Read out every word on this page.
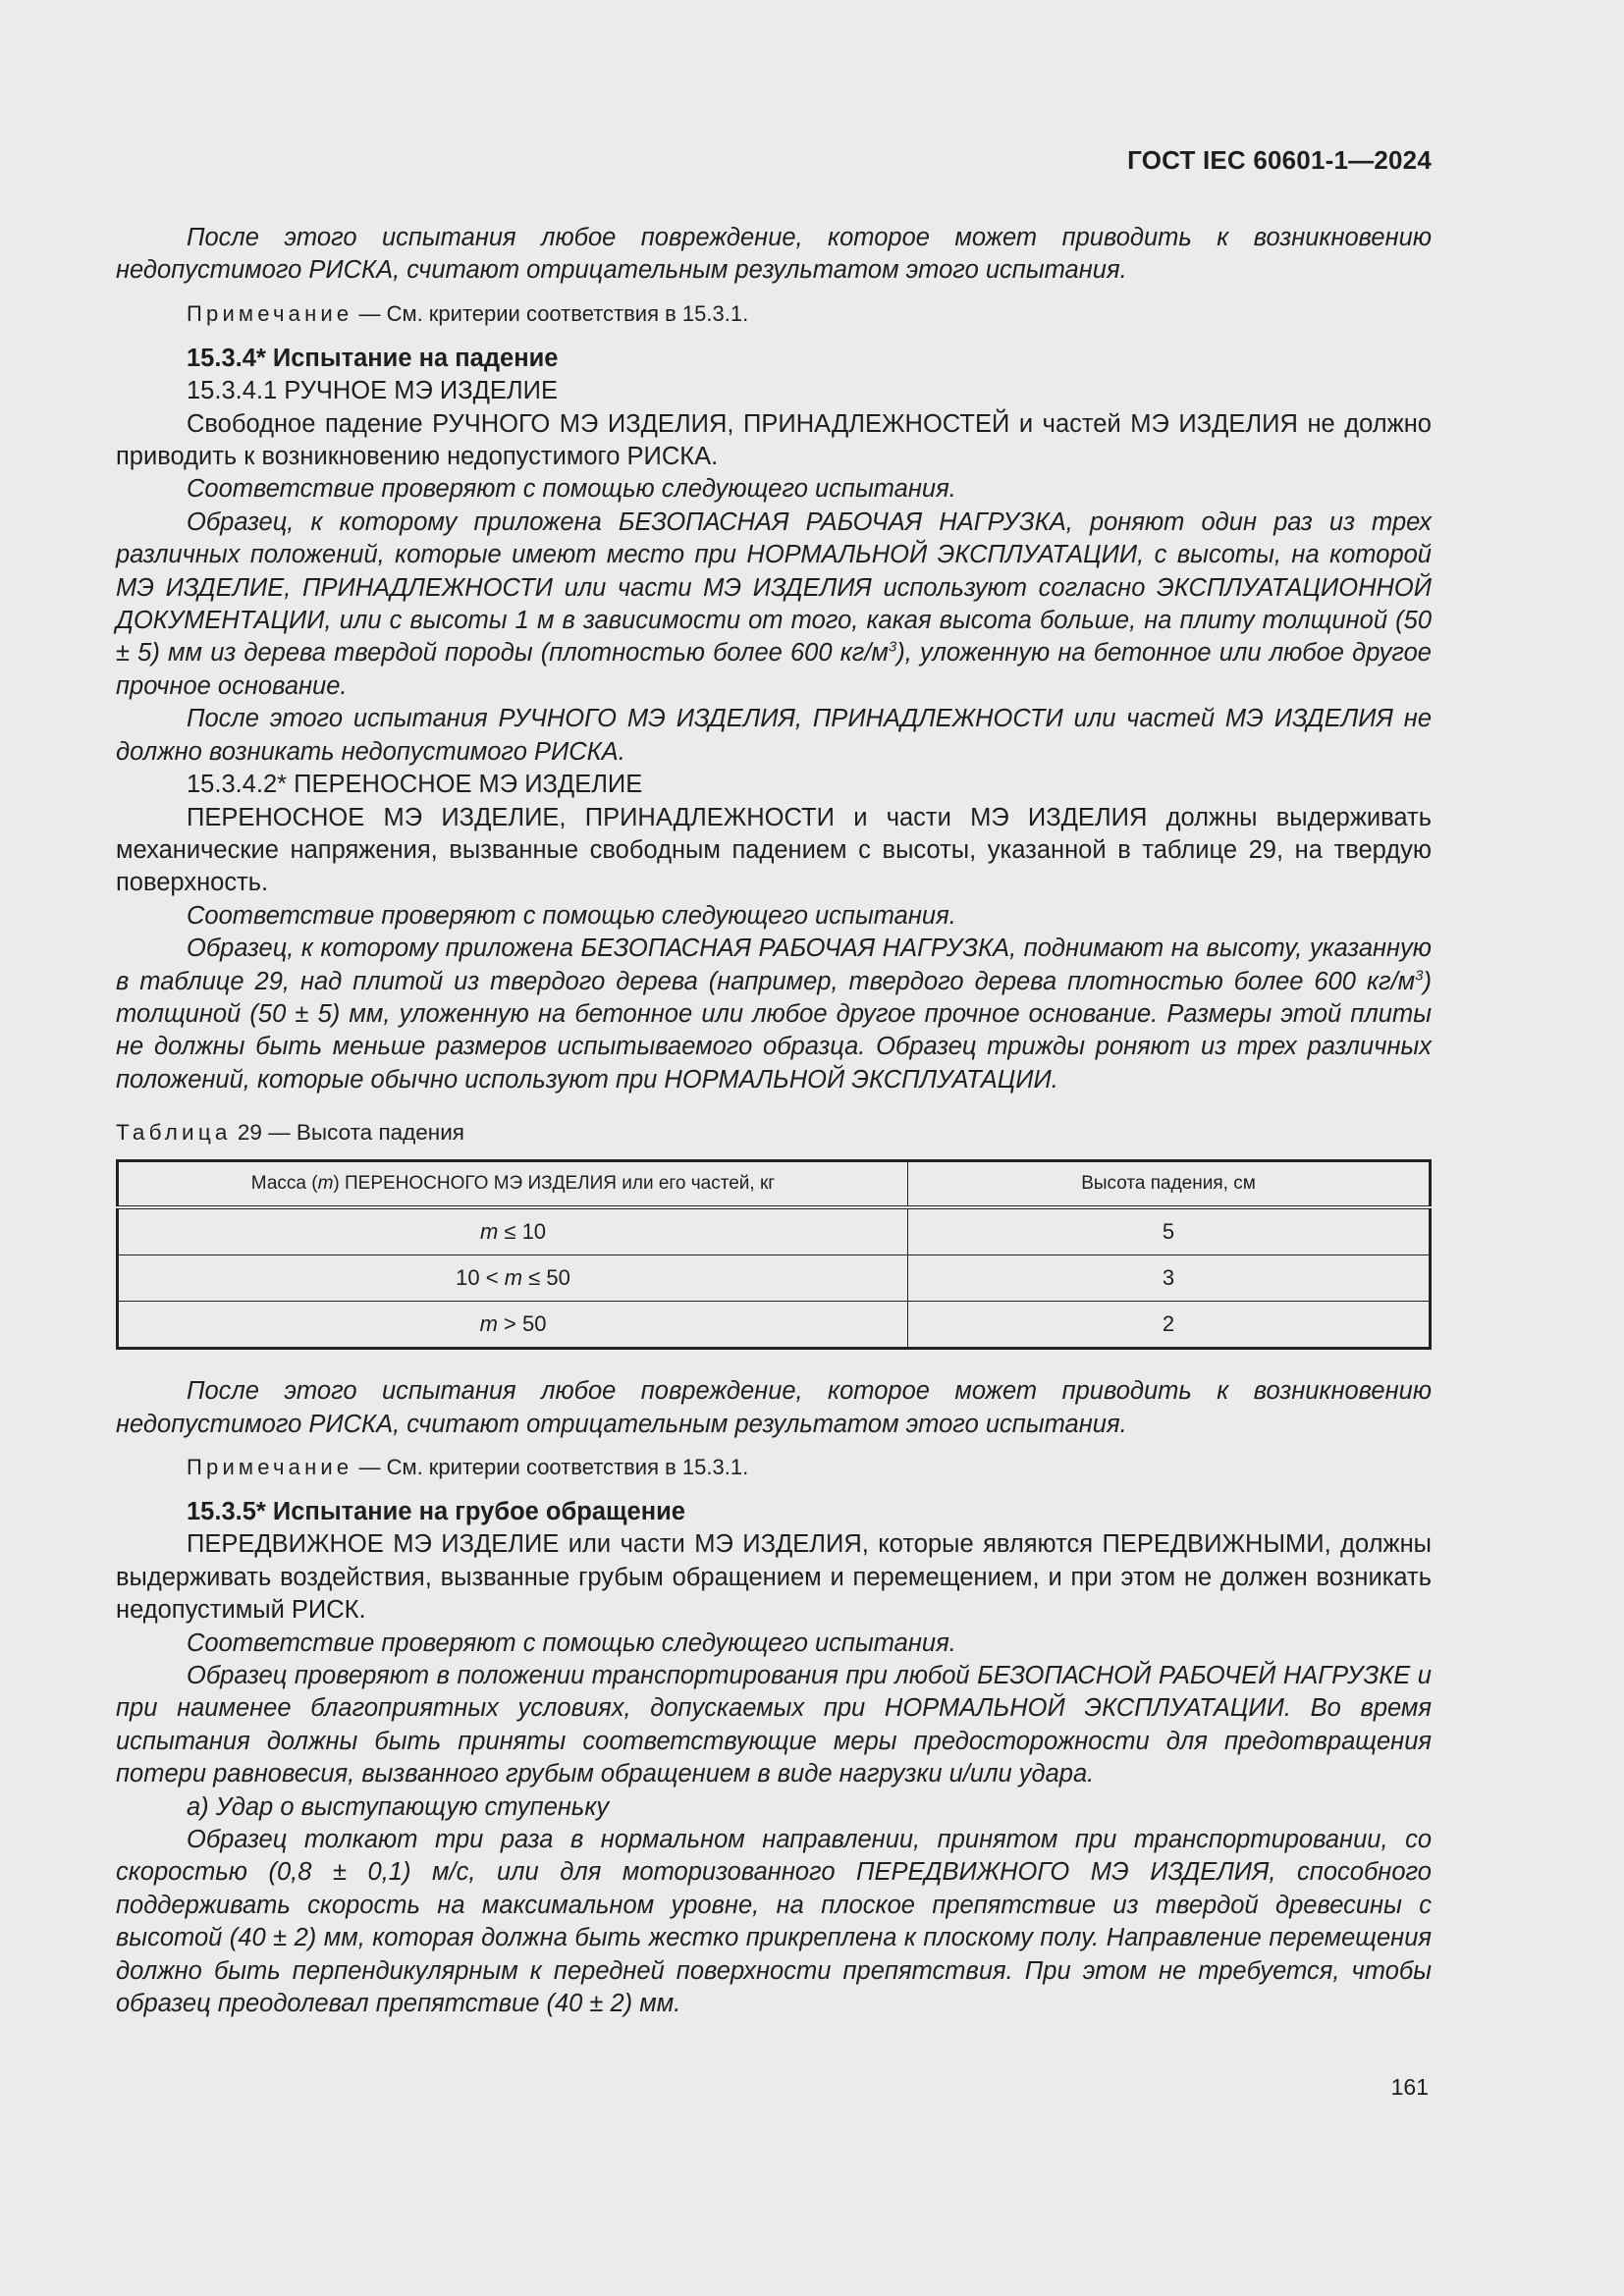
ГОСТ IEC 60601-1—2024

После этого испытания любое повреждение, которое может приводить к возникновению недопустимого РИСКА, считают отрицательным результатом этого испытания.

Примечание — См. критерии соответствия в 15.3.1.

15.3.4* Испытание на падение

15.3.4.1 РУЧНОЕ МЭ ИЗДЕЛИЕ

Свободное падение РУЧНОГО МЭ ИЗДЕЛИЯ, ПРИНАДЛЕЖНОСТЕЙ и частей МЭ ИЗДЕЛИЯ не должно приводить к возникновению недопустимого РИСКА.

Соответствие проверяют с помощью следующего испытания.

Образец, к которому приложена БЕЗОПАСНАЯ РАБОЧАЯ НАГРУЗКА, роняют один раз из трех различных положений, которые имеют место при НОРМАЛЬНОЙ ЭКСПЛУАТАЦИИ, с высоты, на которой МЭ ИЗДЕЛИЕ, ПРИНАДЛЕЖНОСТИ или части МЭ ИЗДЕЛИЯ используют согласно ЭКСПЛУАТАЦИОННОЙ ДОКУМЕНТАЦИИ, или с высоты 1 м в зависимости от того, какая высота больше, на плиту толщиной (50 ± 5) мм из дерева твердой породы (плотностью более 600 $кг/м^3$), уложенную на бетонное или любое другое прочное основание.

После этого испытания РУЧНОГО МЭ ИЗДЕЛИЯ, ПРИНАДЛЕЖНОСТИ или частей МЭ ИЗДЕЛИЯ не должно возникать недопустимого РИСКА.

15.3.4.2* ПЕРЕНОСНОЕ МЭ ИЗДЕЛИЕ

ПЕРЕНОСНОЕ МЭ ИЗДЕЛИЕ, ПРИНАДЛЕЖНОСТИ и части МЭ ИЗДЕЛИЯ должны выдерживать механические напряжения, вызванные свободным падением с высоты, указанной в таблице 29, на твердую поверхность.

Соответствие проверяют с помощью следующего испытания.

Образец, к которому приложена БЕЗОПАСНАЯ РАБОЧАЯ НАГРУЗКА, поднимают на высоту, указанную в таблице 29, над плитой из твердого дерева (например, твердого дерева плотностью более 600 $кг/м^3$) толщиной (50 ± 5) мм, уложенную на бетонное или любое другое прочное основание. Размеры этой плиты не должны быть меньше размеров испытываемого образца. Образец трижды роняют из трех различных положений, которые обычно используют при НОРМАЛЬНОЙ ЭКСПЛУАТАЦИИ.

Таблица 29 — Высота падения
Масса (m) ПЕРЕНОСНОГО МЭ ИЗДЕЛИЯ или его частей, кг	Высота падения, см
m ≤ 10	5
10 < m ≤ 50	3
m > 50	2

После этого испытания любое повреждение, которое может приводить к возникновению недопустимого РИСКА, считают отрицательным результатом этого испытания.

Примечание — См. критерии соответствия в 15.3.1.

15.3.5* Испытание на грубое обращение

ПЕРЕДВИЖНОЕ МЭ ИЗДЕЛИЕ или части МЭ ИЗДЕЛИЯ, которые являются ПЕРЕДВИЖНЫМИ, должны выдерживать воздействия, вызванные грубым обращением и перемещением, и при этом не должен возникать недопустимый РИСК.

Соответствие проверяют с помощью следующего испытания.

Образец проверяют в положении транспортирования при любой БЕЗОПАСНОЙ РАБОЧЕЙ НАГРУЗКЕ и при наименее благоприятных условиях, допускаемых при НОРМАЛЬНОЙ ЭКСПЛУАТАЦИИ. Во время испытания должны быть приняты соответствующие меры предосторожности для предотвращения потери равновесия, вызванного грубым обращением в виде нагрузки и/или удара.

а) Удар о выступающую ступеньку

Образец толкают три раза в нормальном направлении, принятом при транспортировании, со скоростью (0,8 ± 0,1) м/с, или для моторизованного ПЕРЕДВИЖНОГО МЭ ИЗДЕЛИЯ, способного поддерживать скорость на максимальном уровне, на плоское препятствие из твердой древесины с высотой (40 ± 2) мм, которая должна быть жестко прикреплена к плоскому полу. Направление перемещения должно быть перпендикулярным к передней поверхности препятствия. При этом не требуется, чтобы образец преодолевал препятствие (40 ± 2) мм.

161
